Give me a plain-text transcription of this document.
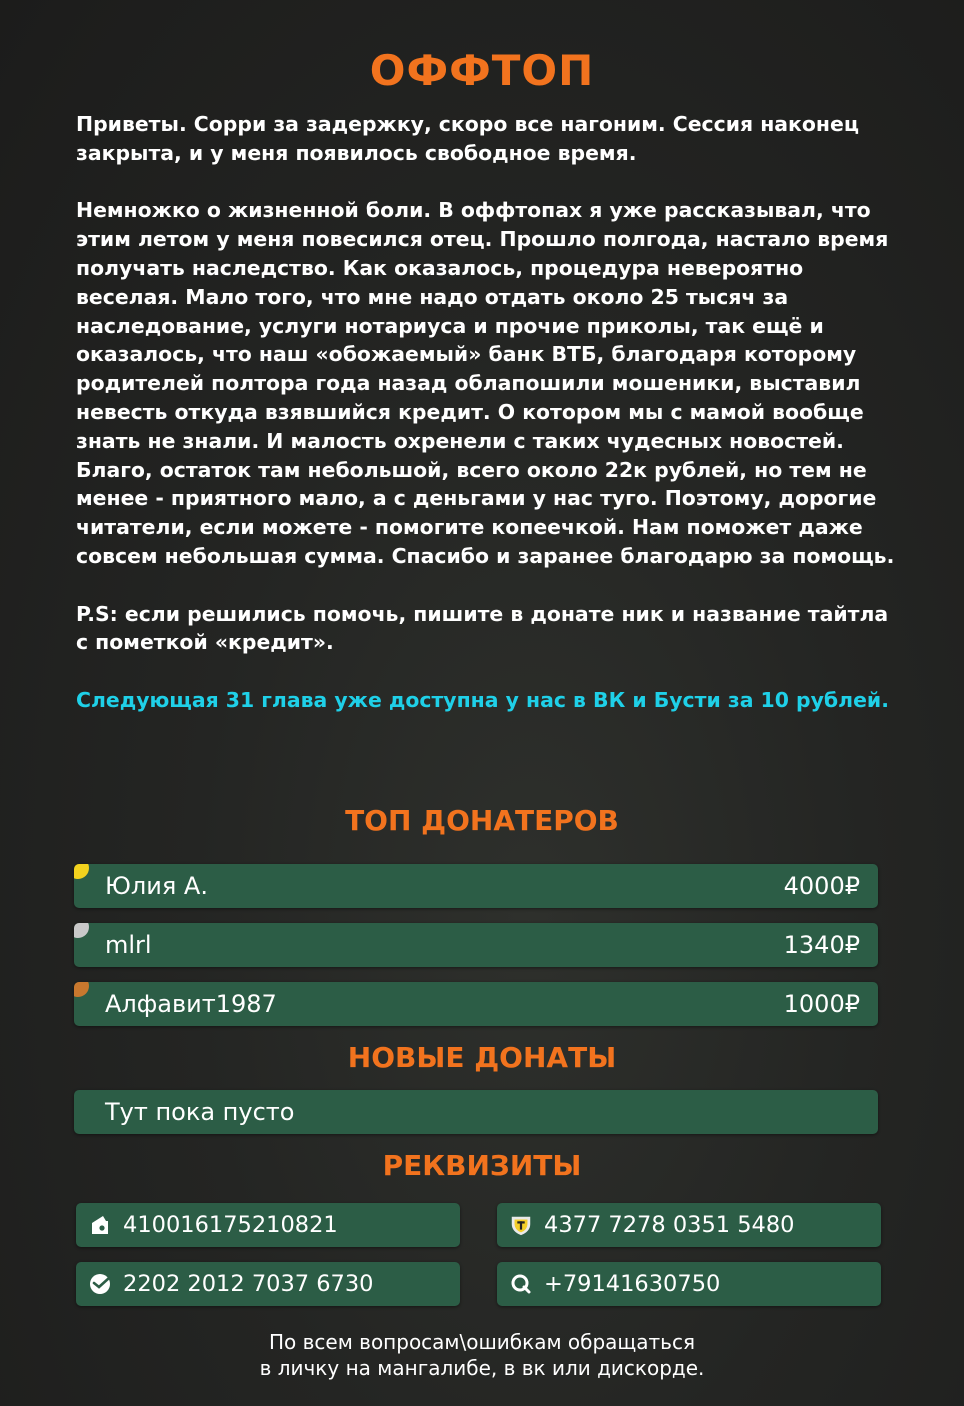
ОФФТОП

Приветы. Сорри за задержку, скоро все нагоним. Сессия наконец закрыта, и у меня появилось свободное время.

Немножко о жизненной боли. В оффтопах я уже рассказывал, что этим летом у меня повесился отец. Прошло полгода, настало время получать наследство. Как оказалось, процедура невероятно веселая. Мало того, что мне надо отдать около 25 тысяч за наследование, услуги нотариуса и прочие приколы, так ещё и оказалось, что наш «обожаемый» банк ВТБ, благодаря которому родителей полтора года назад облапошили мошеники, выставил невесть откуда взявшийся кредит. О котором мы с мамой вообще знать не знали. И малость охренели с таких чудесных новостей. Благо, остаток там небольшой, всего около 22к рублей, но тем не менее - приятного мало, а с деньгами у нас туго. Поэтому, дорогие читатели, если можете - помогите копеечкой. Нам поможет даже совсем небольшая сумма. Спасибо и заранее благодарю за помощь.

P.S: если решились помочь, пишите в донате ник и название тайтла с пометкой «кредит».

Следующая 31 глава уже доступна у нас в ВК и Бусти за 10 рублей.

ТОП ДОНАТЕРОВ
Юлия А.	4000₽
mlrl	1340₽
Алфавит1987	1000₽
НОВЫЕ ДОНАТЫ
Тут пока пусто
РЕКВИЗИТЫ
410016175210821	4377 7278 0351 5480
2202 2012 7037 6730	+79141630750
По всем вопросам\ошибкам обращаться
в личку на мангалибе, в вк или дискорде.
